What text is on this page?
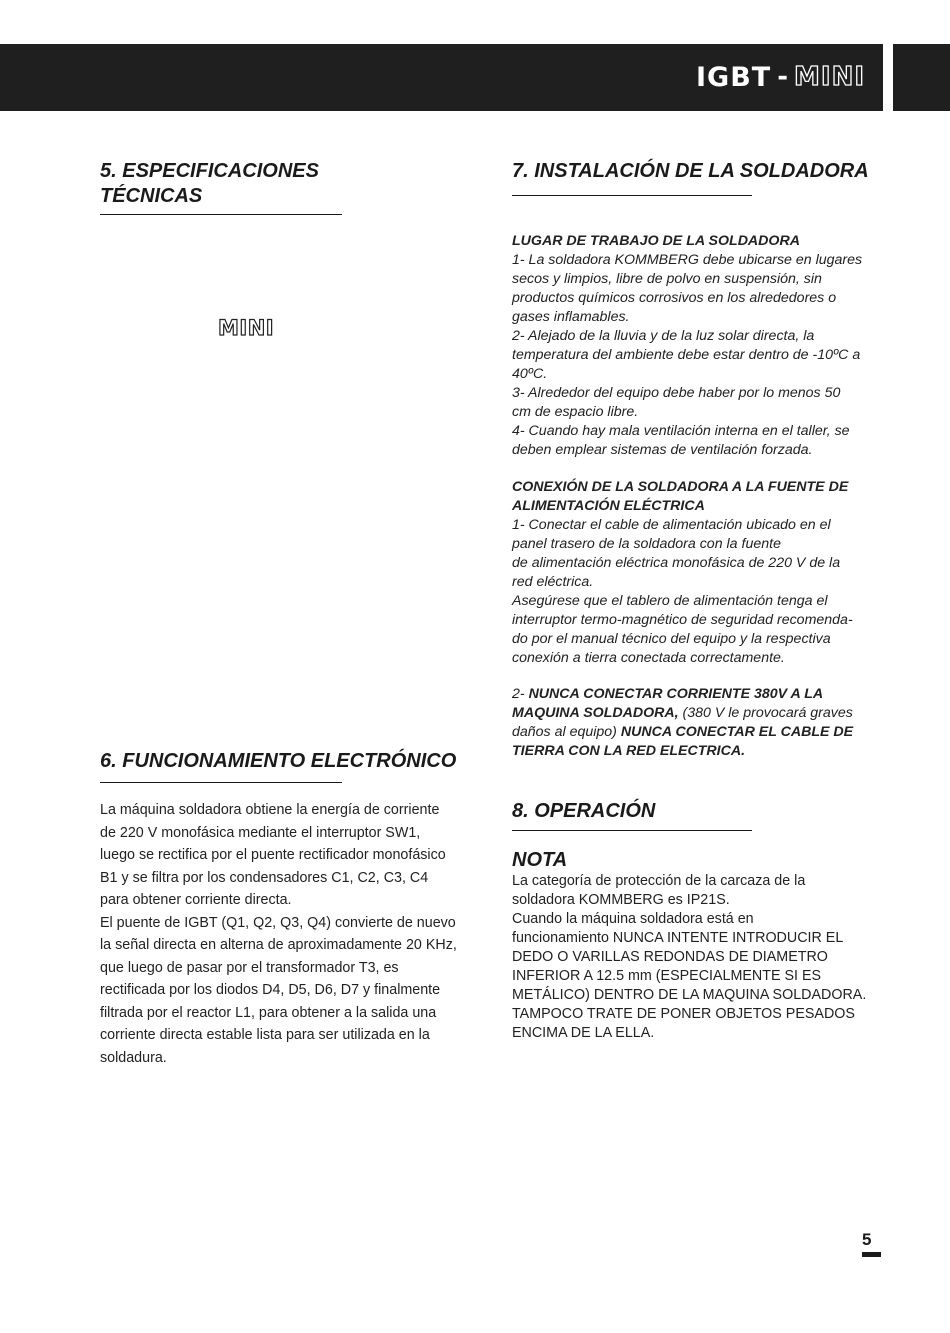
IGBT - MINI
5. ESPECIFICACIONES
TÉCNICAS
MINI
6. FUNCIONAMIENTO ELECTRÓNICO
La máquina soldadora obtiene la energía de corriente
de 220 V monofásica mediante el interruptor SW1,
luego se rectifica por el puente rectificador monofásico
B1 y se filtra por los condensadores C1, C2, C3, C4
para obtener corriente directa.
El puente de IGBT (Q1, Q2, Q3, Q4) convierte de nuevo
la señal directa en alterna de aproximadamente 20 KHz,
que luego de pasar por el transformador T3, es
rectificada por los diodos D4, D5, D6, D7 y finalmente
filtrada por el reactor L1, para obtener a la salida una
corriente directa estable lista para ser utilizada en la
soldadura.
7. INSTALACIÓN DE LA SOLDADORA

LUGAR DE TRABAJO DE LA SOLDADORA

1- La soldadora KOMMBERG debe ubicarse en lugares

secos y limpios, libre de polvo en suspensión, sin

productos químicos corrosivos en los alrededores o

gases inflamables.

2- Alejado de la lluvia y de la luz solar directa, la

temperatura del ambiente debe estar dentro de -10ºC a

40ºC.

3- Alrededor del equipo debe haber por lo menos 50

cm de espacio libre.

4- Cuando hay mala ventilación interna en el taller, se

deben emplear sistemas de ventilación forzada.

CONEXIÓN DE LA SOLDADORA A LA FUENTE DE

ALIMENTACIÓN ELÉCTRICA

1- Conectar el cable de alimentación ubicado en el

panel trasero de la soldadora con la fuente

de alimentación eléctrica monofásica de 220 V de la

red eléctrica.

Asegúrese que el tablero de alimentación tenga el

interruptor termo-magnético de seguridad recomenda-

do por el manual técnico del equipo y la respectiva

conexión a tierra conectada correctamente.

2- NUNCA CONECTAR CORRIENTE 380V A LA

MAQUINA SOLDADORA, (380 V le provocará graves

daños al equipo) NUNCA CONECTAR EL CABLE DE

TIERRA CON LA RED ELECTRICA.

8. OPERACIÓN
NOTA

La categoría de protección de la carcaza de la

soldadora KOMMBERG es IP21S.

Cuando la máquina soldadora está en

funcionamiento NUNCA INTENTE INTRODUCIR EL

DEDO O VARILLAS REDONDAS DE DIAMETRO

INFERIOR A 12.5 mm (ESPECIALMENTE SI ES

METÁLICO) DENTRO DE LA MAQUINA SOLDADORA.

TAMPOCO TRATE DE PONER OBJETOS PESADOS

ENCIMA DE LA ELLA.

5
